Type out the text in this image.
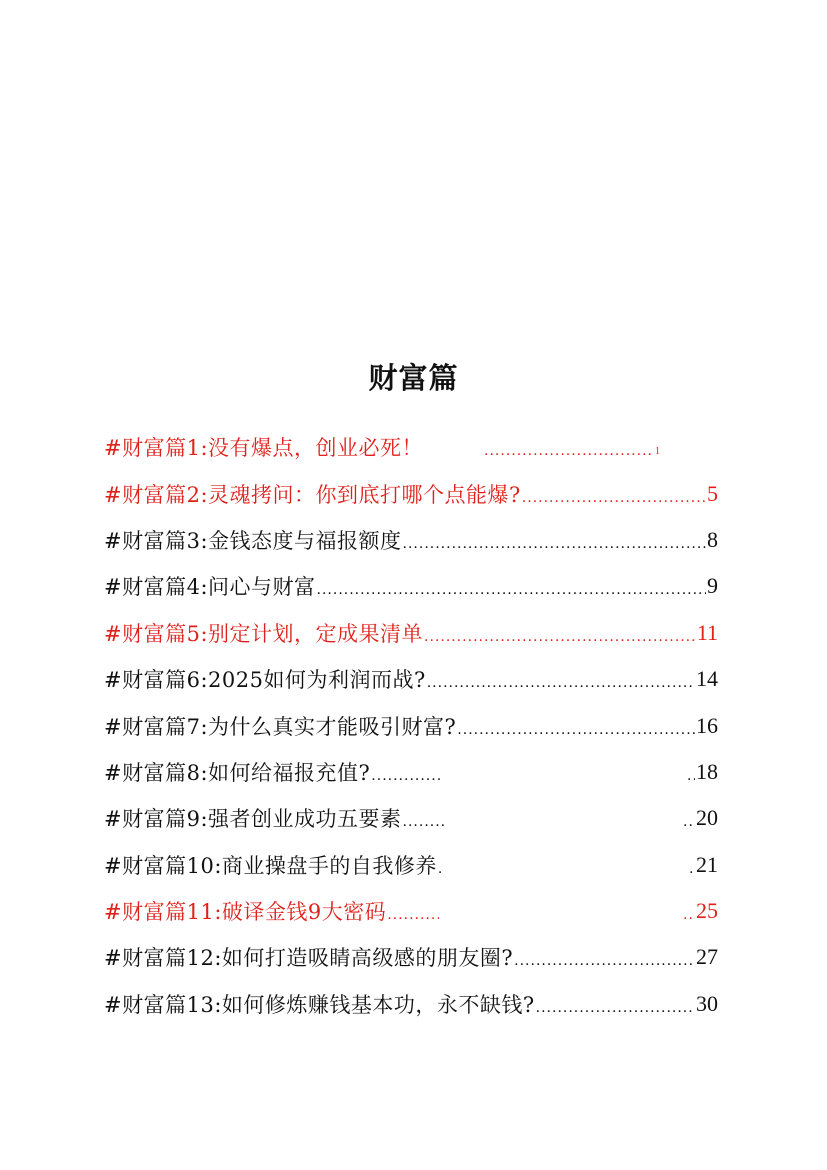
财富篇
#财富篇1:没有爆点，创业必死！ .....	1
#财富篇2:灵魂拷问：你到底打哪个点能爆? .....	5
#财富篇3:金钱态度与福报额度 .....	8
#财富篇4:问心与财富 .....	9
#财富篇5:别定计划，定成果清单 .....	11
#财富篇6:2025如何为利润而战? .....	14
#财富篇7:为什么真实才能吸引财富? .....	16
#财富篇8:如何给福报充值? ..... .....	18
#财富篇9:强者创业成功五要素 ..... .....	20
#财富篇10:商业操盘手的自我修养 ..... .....	21
#财富篇11:破译金钱9大密码 ..... .....	25
#财富篇12:如何打造吸睛高级感的朋友圈? .....	27
#财富篇13:如何修炼赚钱基本功，永不缺钱? .....	30
